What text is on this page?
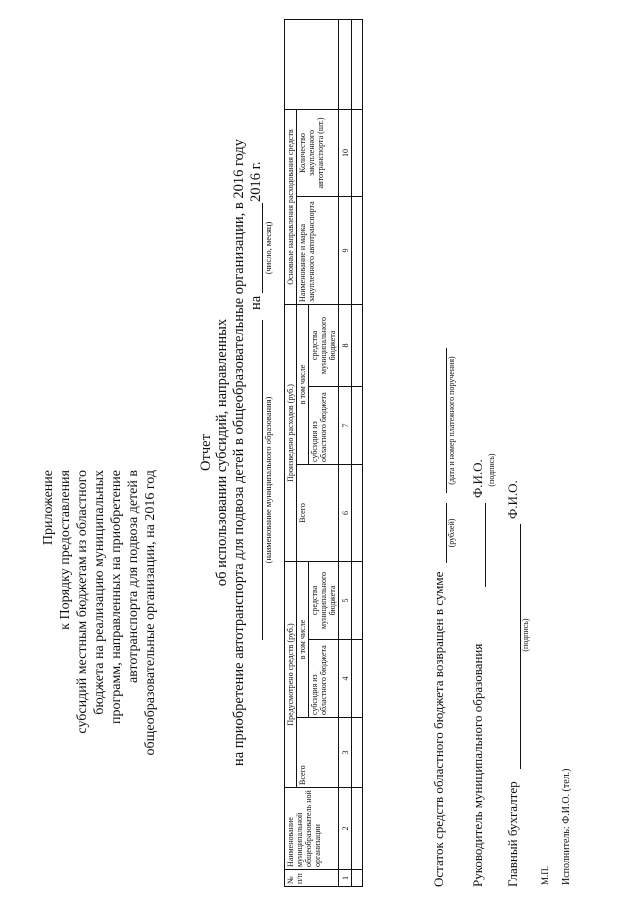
Приложение к Порядку предоставления субсидий местным бюджетам из областного бюджета на реализацию муниципальных программ, направленных на приобретение автотранспорта для подвоза детей в общеобразовательные организации, на 2016 год
Отчет об использовании субсидий, направленных на приобретение автотранспорта для подвоза детей в общеобразовательные организации, в 2016 году (наименование муниципального образования)
на
2016 г.
(число, месяц)
№ п/п	Наименование муниципальной общеобразователь ной организации	Предусмотрено средств (руб.)			Произведено расходов (руб.)			Основные направления расходования средств		
		Всего	в том числе		Всего	в том числе		Наименование и марка закупленного автотранспорта	Количество закупленного автотранспорта (шт.)	
			субсидия из областного бюджета	средства муниципального бюджета		субсидия из областного бюджета	средства муниципального бюджета			
1	2	3	4	5	6	7	8	9	10	

Остаток средств областного бюджета возвращен в сумме
(рублей)
(дата и номер платежного поручения)
Руководитель муниципального образования
Ф.И.О. (подпись)
Главный бухгалтер
Ф.И.О.
(подпись)
М.П. Исполнитель: Ф.И.О. (тел.)
